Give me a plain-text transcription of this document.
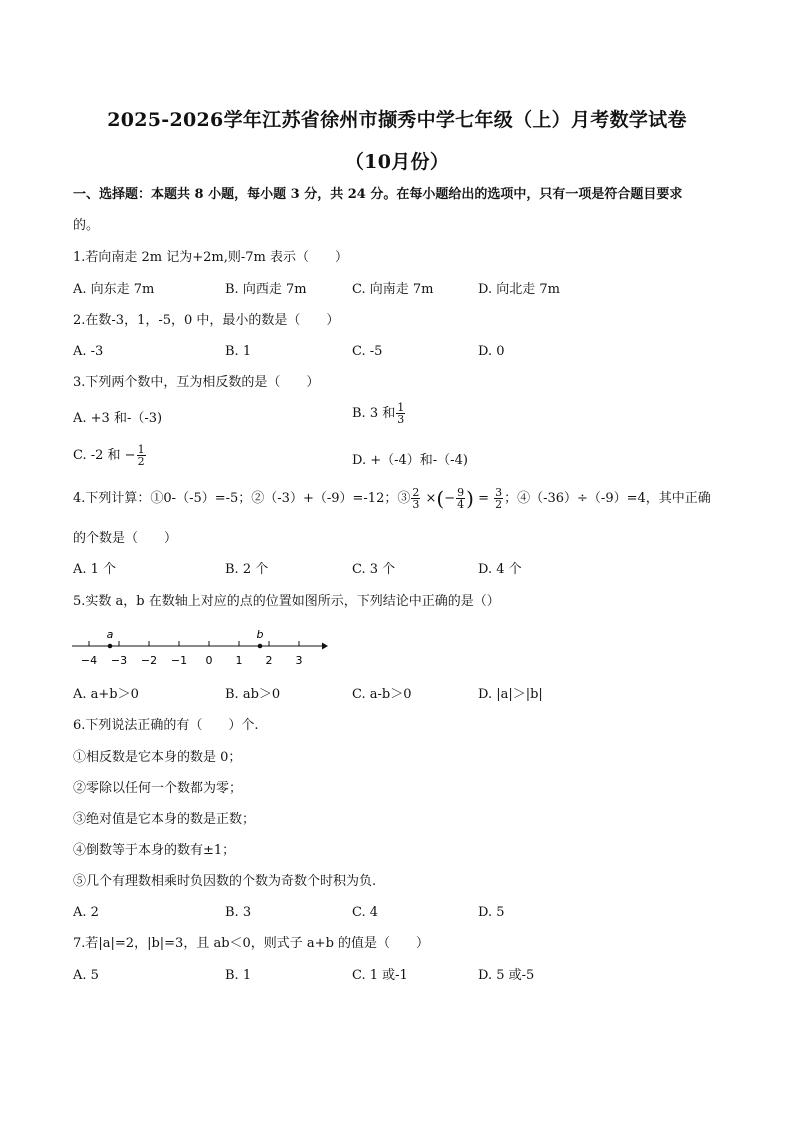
2025-2026学年江苏省徐州市撷秀中学七年级（上）月考数学试卷
（10月份）
一、选择题：本题共 8 小题，每小题 3 分，共 24 分。在每小题给出的选项中，只有一项是符合题目要求
的。
1.若向南走 2m 记为+2m,则-7m 表示（　　）
A. 向东走 7m	B. 向西走 7m	C. 向南走 7m	D. 向北走 7m
2.在数-3，1，-5，0 中，最小的数是（　　）
A. -3	B. 1	C. -5	D. 0
3.下列两个数中，互为相反数的是（　　）
A. +3 和-（-3)	B. 3 和 $\frac{1}{3}$
C. -2 和 − $\frac{1}{2}$	D. +（-4）和-（-4)
4.下列计算：①0-（-5）=-5；②（-3）+（-9）=-12；③ $\frac{2}{3}$ ×(− $\frac{9}{4}$ ) = $\frac{3}{2}$ ；④（-36）÷（-9）=4，其中正确
的个数是（　　）
A. 1 个	B. 2 个	C. 3 个	D. 4 个
5.实数 a，b 在数轴上对应的点的位置如图所示，下列结论中正确的是（）
−4 −3 −2 −1 0 1 2 3
a	b
A. a+b＞0	B. ab＞0	C. a-b＞0	D. |a|＞|b|
6.下列说法正确的有（　　）个.
①相反数是它本身的数是 0；
②零除以任何一个数都为零；
③绝对值是它本身的数是正数；
④倒数等于本身的数有±1；
⑤几个有理数相乘时负因数的个数为奇数个时积为负.
A. 2	B. 3	C. 4	D. 5
7.若|a|=2，|b|=3，且 ab＜0，则式子 a+b 的值是（　　）
A. 5	B. 1	C. 1 或-1	D. 5 或-5
